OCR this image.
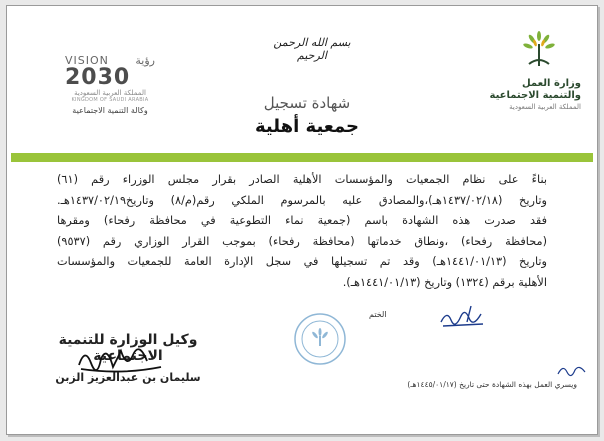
بسم الله الرحمن الرحيم
وزارة العمل
والتنمية الاجتماعية
المملكة العربية السعودية
VISION رؤية
2030
المملكة العربية السعودية
KINGDOM OF SAUDI ARABIA
وكالة التنمية الاجتماعية	شهادة تسجيل
جمعية أهلية

بناءً على نظام الجمعيات والمؤسسات الأهلية الصادر بقرار مجلس الوزراء رقم (٦١)

وتاريخ (١٤٣٧/٠٢/١٨هـ)،والمصادق عليه بالمرسوم الملكي رقم(م/٨) وتاريخ١٤٣٧/٠٢/١٩هـ.

فقد صدرت هذه الشهادة باسم (جمعية نماء التطوعية في محافظة رفحاء) ومقرها

(محافظة رفحاء) ،ونطاق خدماتها (محافظة رفحاء) بموجب القرار الوزاري رقم (٩٥٣٧)

وتاريخ (١٤٤١/٠١/١٣هـ) وقد تم تسجيلها في سجل الإدارة العامة للجمعيات والمؤسسات

الأهلية برقم (١٣٢٤) وتاريخ (١٤٤١/٠١/١٣هـ).

الختم
وكيل الوزارة للتنمية الاجتماعية
سليمان بن عبدالعزيز الزبن
ويسري العمل بهذه الشهادة حتى تاريخ (١٤٤٥/٠١/١٧هـ)
